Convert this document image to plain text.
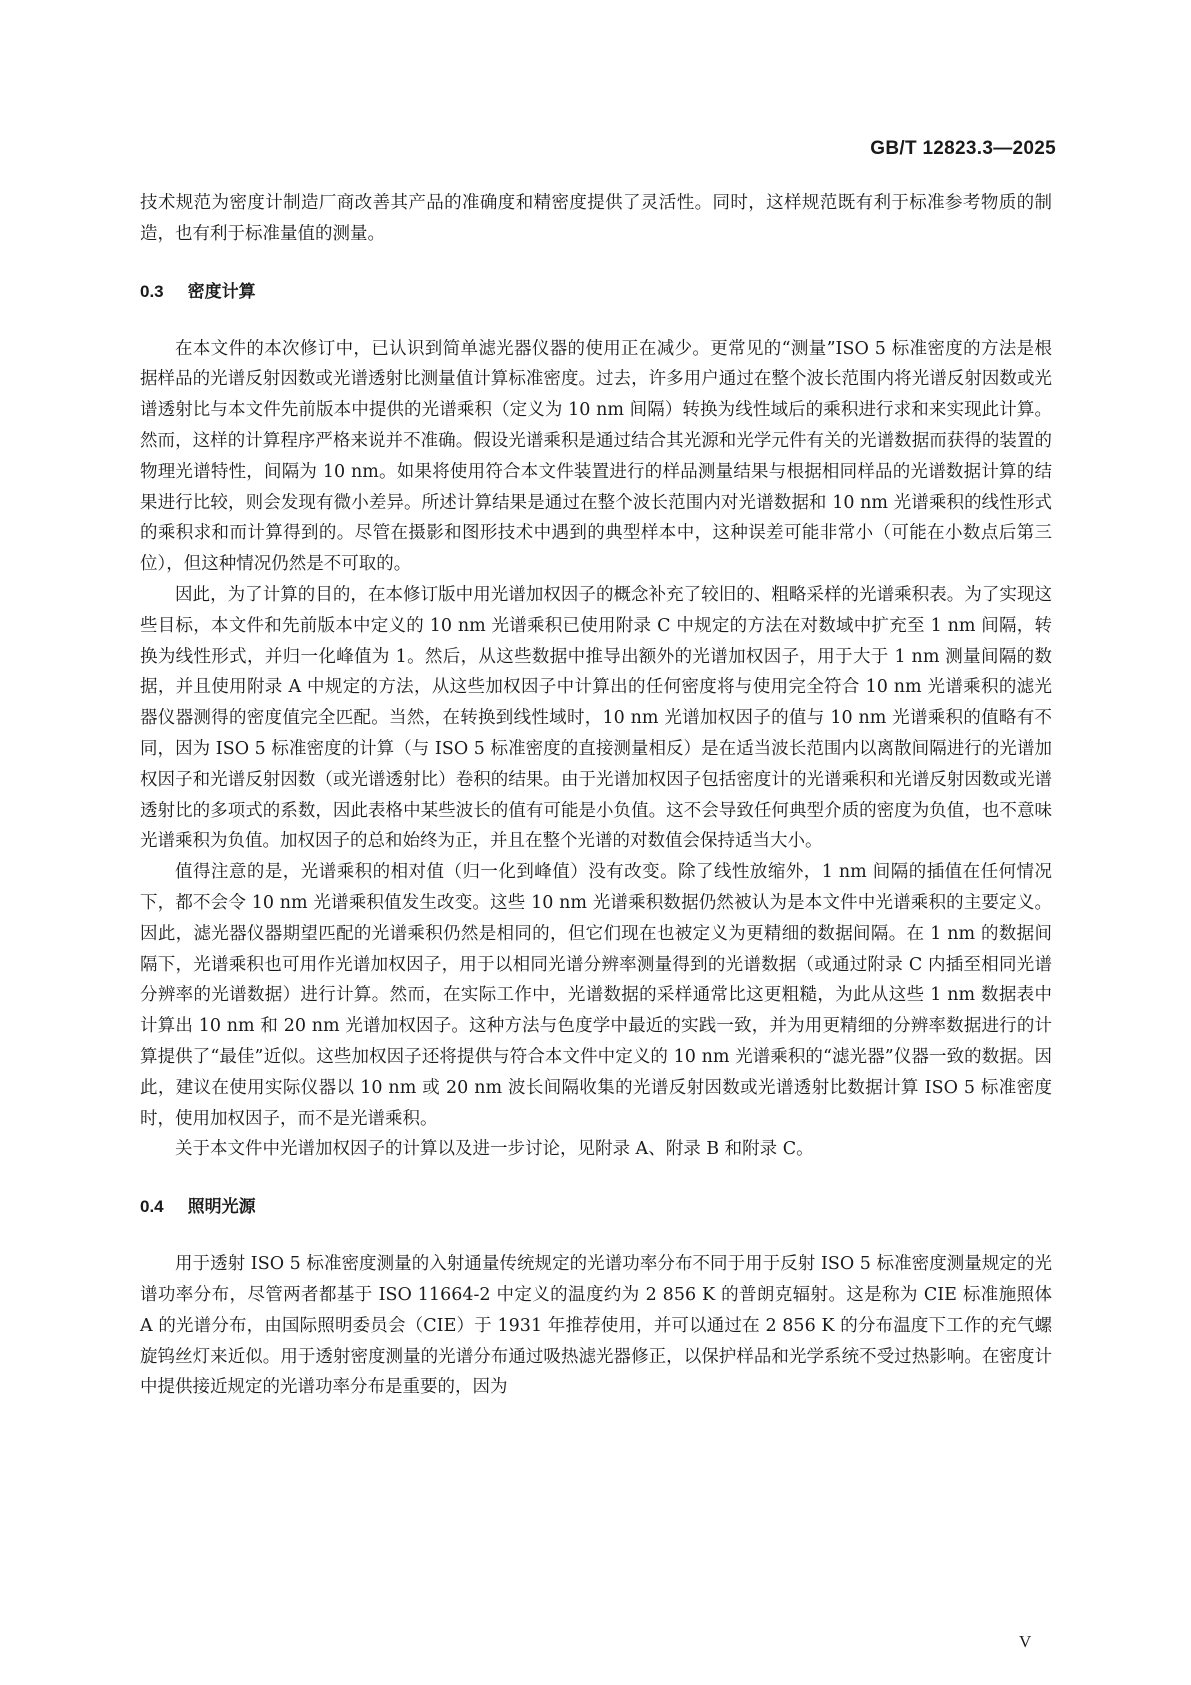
GB/T 12823.3—2025

技术规范为密度计制造厂商改善其产品的准确度和精密度提供了灵活性。同时，这样规范既有利于标准参考物质的制造，也有利于标准量值的测量。

0.3 密度计算

在本文件的本次修订中，已认识到简单滤光器仪器的使用正在减少。更常见的“测量”ISO 5 标准密度的方法是根据样品的光谱反射因数或光谱透射比测量值计算标准密度。过去，许多用户通过在整个波长范围内将光谱反射因数或光谱透射比与本文件先前版本中提供的光谱乘积（定义为 10 nm 间隔）转换为线性域后的乘积进行求和来实现此计算。然而，这样的计算程序严格来说并不准确。假设光谱乘积是通过结合其光源和光学元件有关的光谱数据而获得的装置的物理光谱特性，间隔为 10 nm。如果将使用符合本文件装置进行的样品测量结果与根据相同样品的光谱数据计算的结果进行比较，则会发现有微小差异。所述计算结果是通过在整个波长范围内对光谱数据和 10 nm 光谱乘积的线性形式的乘积求和而计算得到的。尽管在摄影和图形技术中遇到的典型样本中，这种误差可能非常小（可能在小数点后第三位），但这种情况仍然是不可取的。

因此，为了计算的目的，在本修订版中用光谱加权因子的概念补充了较旧的、粗略采样的光谱乘积表。为了实现这些目标，本文件和先前版本中定义的 10 nm 光谱乘积已使用附录 C 中规定的方法在对数域中扩充至 1 nm 间隔，转换为线性形式，并归一化峰值为 1。然后，从这些数据中推导出额外的光谱加权因子，用于大于 1 nm 测量间隔的数据，并且使用附录 A 中规定的方法，从这些加权因子中计算出的任何密度将与使用完全符合 10 nm 光谱乘积的滤光器仪器测得的密度值完全匹配。当然，在转换到线性域时，10 nm 光谱加权因子的值与 10 nm 光谱乘积的值略有不同，因为 ISO 5 标准密度的计算（与 ISO 5 标准密度的直接测量相反）是在适当波长范围内以离散间隔进行的光谱加权因子和光谱反射因数（或光谱透射比）卷积的结果。由于光谱加权因子包括密度计的光谱乘积和光谱反射因数或光谱透射比的多项式的系数，因此表格中某些波长的值有可能是小负值。这不会导致任何典型介质的密度为负值，也不意味光谱乘积为负值。加权因子的总和始终为正，并且在整个光谱的对数值会保持适当大小。

值得注意的是，光谱乘积的相对值（归一化到峰值）没有改变。除了线性放缩外，1 nm 间隔的插值在任何情况下，都不会令 10 nm 光谱乘积值发生改变。这些 10 nm 光谱乘积数据仍然被认为是本文件中光谱乘积的主要定义。因此，滤光器仪器期望匹配的光谱乘积仍然是相同的，但它们现在也被定义为更精细的数据间隔。在 1 nm 的数据间隔下，光谱乘积也可用作光谱加权因子，用于以相同光谱分辨率测量得到的光谱数据（或通过附录 C 内插至相同光谱分辨率的光谱数据）进行计算。然而，在实际工作中，光谱数据的采样通常比这更粗糙，为此从这些 1 nm 数据表中计算出 10 nm 和 20 nm 光谱加权因子。这种方法与色度学中最近的实践一致，并为用更精细的分辨率数据进行的计算提供了“最佳”近似。这些加权因子还将提供与符合本文件中定义的 10 nm 光谱乘积的“滤光器”仪器一致的数据。因此，建议在使用实际仪器以 10 nm 或 20 nm 波长间隔收集的光谱反射因数或光谱透射比数据计算 ISO 5 标准密度时，使用加权因子，而不是光谱乘积。

关于本文件中光谱加权因子的计算以及进一步讨论，见附录 A、附录 B 和附录 C。

0.4 照明光源

用于透射 ISO 5 标准密度测量的入射通量传统规定的光谱功率分布不同于用于反射 ISO 5 标准密度测量规定的光谱功率分布，尽管两者都基于 ISO 11664-2 中定义的温度约为 2 856 K 的普朗克辐射。这是称为 CIE 标准施照体 A 的光谱分布，由国际照明委员会（CIE）于 1931 年推荐使用，并可以通过在 2 856 K 的分布温度下工作的充气螺旋钨丝灯来近似。用于透射密度测量的光谱分布通过吸热滤光器修正，以保护样品和光学系统不受过热影响。在密度计中提供接近规定的光谱功率分布是重要的，因为

V
